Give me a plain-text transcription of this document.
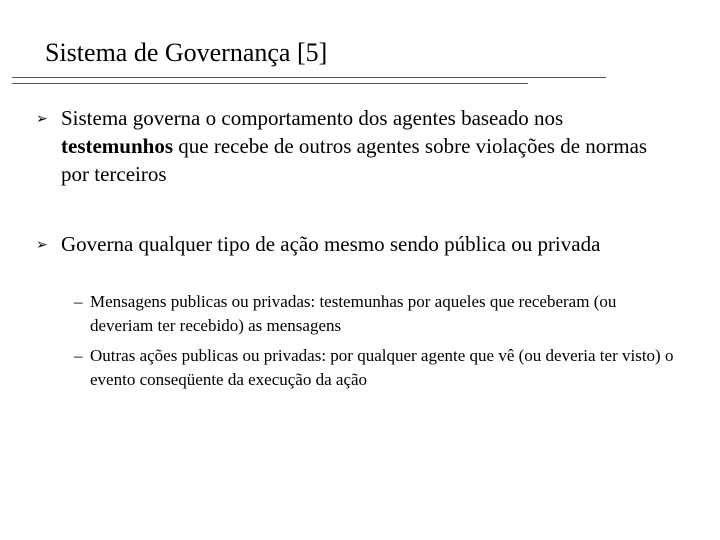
Sistema de Governança [5]
➢ Sistema governa o comportamento dos agentes baseado nos testemunhos que recebe de outros agentes sobre violações de normas por terceiros
➢ Governa qualquer tipo de ação mesmo sendo pública ou privada
– Mensagens publicas ou privadas: testemunhas por aqueles que receberam (ou deveriam ter recebido) as mensagens
– Outras ações publicas ou privadas: por qualquer agente que vê (ou deveria ter visto) o evento conseqüente da execução da ação
